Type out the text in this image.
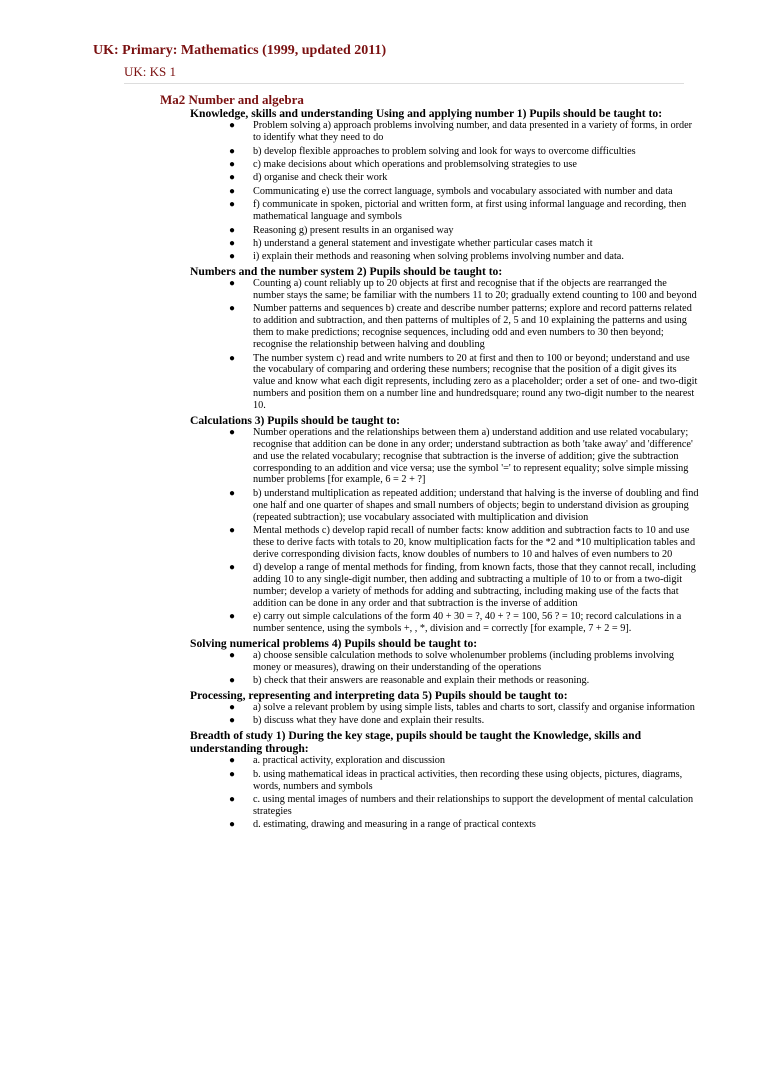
UK: Primary: Mathematics (1999, updated 2011)
UK: KS 1
Ma2 Number and algebra
Knowledge, skills and understanding Using and applying number 1) Pupils should be taught to:
● Problem solving a) approach problems involving number, and data presented in a variety of forms, in order to identify what they need to do
● b) develop flexible approaches to problem solving and look for ways to overcome difficulties
● c) make decisions about which operations and problemsolving strategies to use
● d) organise and check their work
● Communicating e) use the correct language, symbols and vocabulary associated with number and data
● f) communicate in spoken, pictorial and written form, at first using informal language and recording, then mathematical language and symbols
● Reasoning g) present results in an organised way
● h) understand a general statement and investigate whether particular cases match it
● i) explain their methods and reasoning when solving problems involving number and data.
Numbers and the number system 2) Pupils should be taught to:
● Counting a) count reliably up to 20 objects at first and recognise that if the objects are rearranged the number stays the same; be familiar with the numbers 11 to 20; gradually extend counting to 100 and beyond
● Number patterns and sequences b) create and describe number patterns; explore and record patterns related to addition and subtraction, and then patterns of multiples of 2, 5 and 10 explaining the patterns and using them to make predictions; recognise sequences, including odd and even numbers to 30 then beyond; recognise the relationship between halving and doubling
● The number system c) read and write numbers to 20 at first and then to 100 or beyond; understand and use the vocabulary of comparing and ordering these numbers; recognise that the position of a digit gives its value and know what each digit represents, including zero as a placeholder; order a set of one- and two-digit numbers and position them on a number line and hundredsquare; round any two-digit number to the nearest 10.
Calculations 3) Pupils should be taught to:
● Number operations and the relationships between them a) understand addition and use related vocabulary; recognise that addition can be done in any order; understand subtraction as both 'take away' and 'difference' and use the related vocabulary; recognise that subtraction is the inverse of addition; give the subtraction corresponding to an addition and vice versa; use the symbol '=' to represent equality; solve simple missing number problems [for example, 6 = 2 + ?]
● b) understand multiplication as repeated addition; understand that halving is the inverse of doubling and find one half and one quarter of shapes and small numbers of objects; begin to understand division as grouping (repeated subtraction); use vocabulary associated with multiplication and division
● Mental methods c) develop rapid recall of number facts: know addition and subtraction facts to 10 and use these to derive facts with totals to 20, know multiplication facts for the *2 and *10 multiplication tables and derive corresponding division facts, know doubles of numbers to 10 and halves of even numbers to 20
● d) develop a range of mental methods for finding, from known facts, those that they cannot recall, including adding 10 to any single-digit number, then adding and subtracting a multiple of 10 to or from a two-digit number; develop a variety of methods for adding and subtracting, including making use of the facts that addition can be done in any order and that subtraction is the inverse of addition
● e) carry out simple calculations of the form 40 + 30 = ?, 40 + ? = 100, 56 ? = 10; record calculations in a number sentence, using the symbols +, , *, division and = correctly [for example, 7 + 2 = 9].
Solving numerical problems 4) Pupils should be taught to:
● a) choose sensible calculation methods to solve wholenumber problems (including problems involving money or measures), drawing on their understanding of the operations
● b) check that their answers are reasonable and explain their methods or reasoning.
Processing, representing and interpreting data 5) Pupils should be taught to:
● a) solve a relevant problem by using simple lists, tables and charts to sort, classify and organise information
● b) discuss what they have done and explain their results.
Breadth of study 1) During the key stage, pupils should be taught the Knowledge, skills and understanding through:
● a. practical activity, exploration and discussion
● b. using mathematical ideas in practical activities, then recording these using objects, pictures, diagrams, words, numbers and symbols
● c. using mental images of numbers and their relationships to support the development of mental calculation strategies
● d. estimating, drawing and measuring in a range of practical contexts
